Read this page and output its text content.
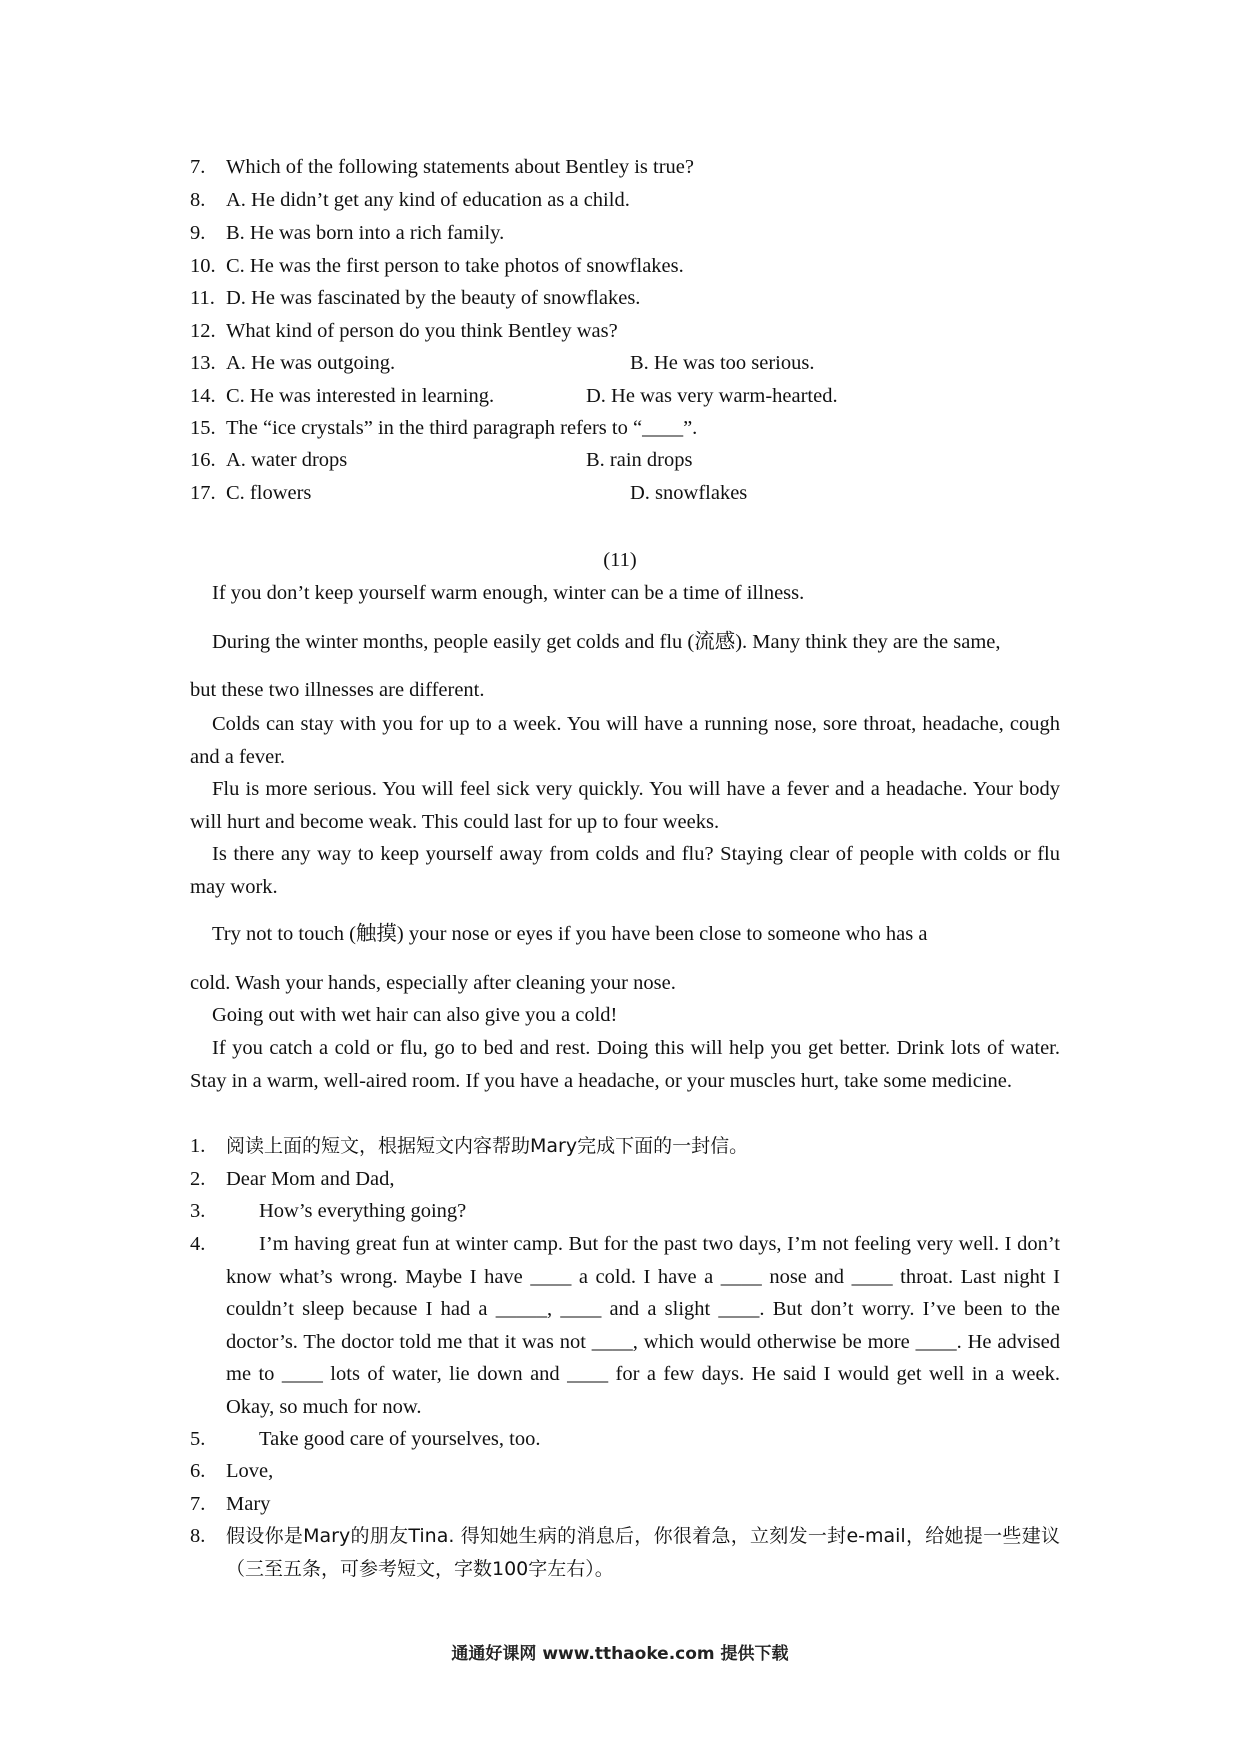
7. Which of the following statements about Bentley is true?
8. A. He didn’t get any kind of education as a child.
9. B. He was born into a rich family.
10. C. He was the first person to take photos of snowflakes.
11. D. He was fascinated by the beauty of snowflakes.
12. What kind of person do you think Bentley was?
13. A. He was outgoing.	B. He was too serious.
14. C. He was interested in learning.	D. He was very warm-hearted.
15. The “ice crystals” in the third paragraph refers to “____”.
16. A. water drops	B. rain drops
17. C. flowers	D. snowflakes
(11)
If you don’t keep yourself warm enough, winter can be a time of illness.
During the winter months, people easily get colds and flu (流感). Many think they are the same,
but these two illnesses are different.
Colds can stay with you for up to a week. You will have a running nose, sore throat, headache, cough and a fever.
Flu is more serious. You will feel sick very quickly. You will have a fever and a headache. Your body will hurt and become weak. This could last for up to four weeks.
Is there any way to keep yourself away from colds and flu? Staying clear of people with colds or flu may work.
Try not to touch (触摸) your nose or eyes if you have been close to someone who has a
cold. Wash your hands, especially after cleaning your nose.
Going out with wet hair can also give you a cold!
If you catch a cold or flu, go to bed and rest. Doing this will help you get better. Drink lots of water. Stay in a warm, well-aired room. If you have a headache, or your muscles hurt, take some medicine.
1. 阅读上面的短文，根据短文内容帮助Mary完成下面的一封信。
2. Dear Mom and Dad,
3.	How’s everything going?
4.	I’m having great fun at winter camp. But for the past two days, I’m not feeling very well. I don’t know what’s wrong. Maybe I have ____ a cold. I have a ____ nose and ____ throat. Last night I couldn’t sleep because I had a _____, ____ and a slight ____. But don’t worry. I’ve been to the doctor’s. The doctor told me that it was not ____, which would otherwise be more ____. He advised me to ____ lots of water, lie down and ____ for a few days. He said I would get well in a week. Okay, so much for now.
5.	Take good care of yourselves, too.
6. Love,
7. Mary
8. 假设你是Mary的朋友Tina. 得知她生病的消息后，你很着急，立刻发一封e-mail，给她提一些建议（三至五条，可参考短文，字数100字左右）。
通通好课网 www.tthaoke.com 提供下载
